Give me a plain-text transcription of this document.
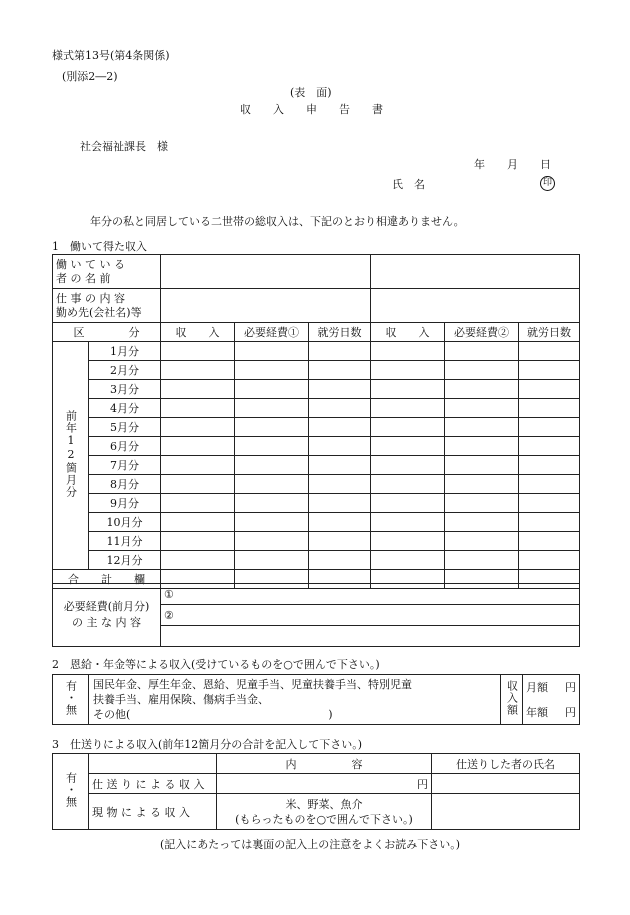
様式第13号(第4条関係)
(別添2―2)
(表　面)
収　　入　　申　　告　　書
社会福祉課長　様
年　　月　　日
氏　名	印
年分の私と同居している二世帯の総収入は、下記のとおり相違ありません。
1　働いて得た収入
働 い て い る
者 の 名 前		

仕 事 の 内 容
勤め先(会社名)等		

区　　　　分		収　　入	必要経費①	就労日数	収　　入	必要経費②	就労日数
前年12箇月分	1月分						
	2月分						
	3月分						
	4月分						
	5月分						
	6月分						
	7月分						
	8月分						
	9月分						
	10月分						
	11月分						
	12月分						
合　　計　　欄							
必要経費(前月分)
の 主 な 内 容
	①
②

2　恩給・年金等による収入(受けているものを○で囲んで下さい。)
有・無	国民年金、厚生年金、恩給、児童手当、児童扶養手当、特別児童
扶養手当、雇用保険、傷病手当金、
その他(　　　　　　　　　　　　　　　　　　)	収入額	月額 円

年額 円
3　仕送りによる収入(前年12箇月分の合計を記入して下さい。)
有・無		内　　　　　容	仕送りした者の氏名
	仕 送 り に よ る 収 入	円	
	現 物 に よ る 収 入	米、野菜、魚介
(もらったものを○で囲んで下さい。)	

(記入にあたっては裏面の記入上の注意をよくお読み下さい。)
